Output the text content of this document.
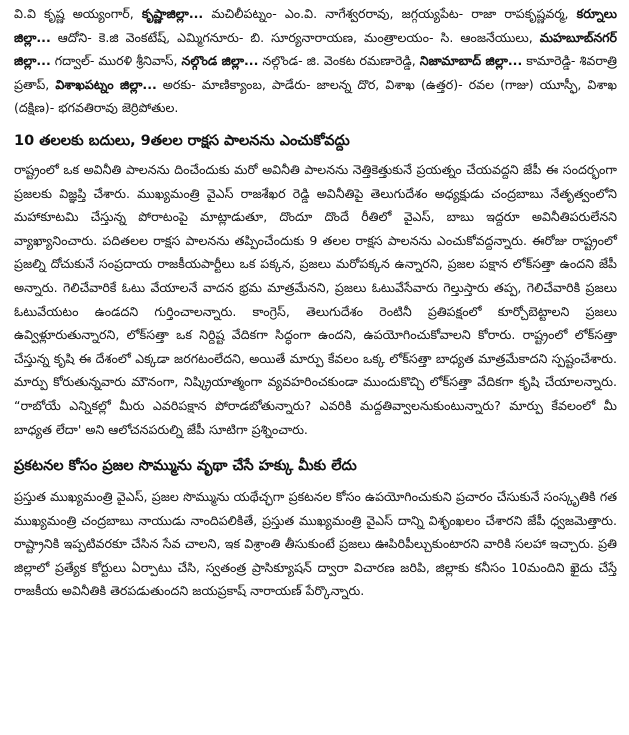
వి.వి కృష్ణ అయ్యంగార్, కృష్ణాజిల్లా... మచిలీపట్నం- ఎం.వి. నాగేశ్వరరావు, జగ్గయ్యపేట- రాజా రాపకృష్ణవర్మ, కర్నూలు జిల్లా... ఆదోని- కె.జి వెంకటేష్, ఎమ్మిగనూరు- బి. సూర్యనారాయణ, మంత్రాలయం- సి. ఆంజనేయులు, మహబూబ్‌నగర్ జిల్లా... గద్వాల్- మురళి శ్రీనివాస్, నల్గొండ జిల్లా... నల్గొండ- జి. వెంకట రమణారెడ్డి, నిజామాబాద్ జిల్లా... కామారెడ్డి- శివరాత్రి ప్రతాప్, విశాఖపట్నం జిల్లా... అరకు- మాణిక్యాంబ, పాడేరు- జాలన్న దొర, విశాఖ (ఉత్తర)- రవల (గాజు) యూస్ఫీ, విశాఖ (దక్షిణ)- భగవతిరావు జెర్రిపోతుల.

10 తలలకు బదులు, 9తలల రాక్షస పాలనను ఎంచుకోవద్దు

రాష్ట్రంలో ఒక అవినీతి పాలనను దించేందుకు మరో అవినీతి పాలనను నెత్తికెత్తుకునే ప్రయత్నం చేయవద్దని జేపీ ఈ సందర్భంగా ప్రజలకు విజ్ఞప్తి చేశారు. ముఖ్యమంత్రి వైఎస్ రాజశేఖర రెడ్డి అవినీతిపై తెలుగుదేశం అధ్యక్షుడు చంద్రబాబు నేతృత్వంలోని మహాకూటమి చేస్తున్న పోరాటంపై మాట్లాడుతూ, దొందూ దొందే రీతిలో వైఎస్, బాబు ఇద్దరూ అవినీతిపరులేనని వ్యాఖ్యానించారు. పదితలల రాక్షస పాలనను తప్పించేందుకు 9 తలల రాక్షస పాలనను ఎంచుకోవద్దన్నారు. ఈరోజు రాష్ట్రంలో ప్రజల్ని దోచుకునే సంప్రదాయ రాజకీయపార్టీలు ఒక పక్కన, ప్రజలు మరోపక్కన ఉన్నారని, ప్రజల పక్షాన లోక్‌సత్తా ఉందని జేపీ అన్నారు. గెలిచేవారికే ఓటు వేయాలనే వాదన భ్రమ మాత్రమేనని, ప్రజలు ఓటువేసేవారు గెల్తుస్తారు తప్ప, గెలిచేవారికి ప్రజలు ఓటువేయటం ఉండదని గుర్తించాలన్నారు. కాంగ్రెస్, తెలుగుదేశం రెంటినీ ప్రతిపక్షంలో కూర్చోబెట్టాలని ప్రజలు ఉవ్విళ్లూరుతున్నారని, లోక్‌సత్తా ఒక నిర్దిష్ట వేదికగా సిద్ధంగా ఉందని, ఉపయోగించుకోవాలని కోరారు. రాష్ట్రంలో లోక్‌సత్తా చేస్తున్న కృషి ఈ దేశంలో ఎక్కడా జరగటంలేదని, అయితే మార్పు కేవలం ఒక్క లోక్‌సత్తా బాధ్యత మాత్రమేకాదని స్పష్టంచేశారు. మార్పు కోరుతున్నవారు మౌనంగా, నిష్క్రియాత్మంగా వ్యవహరించకుండా ముందుకొచ్చి లోక్‌సత్తా వేదికగా కృషి చేయాలన్నారు. “రాబోయే ఎన్నికల్లో మీరు ఎవరిపక్షాన పోరాడబోతున్నారు? ఎవరికి మద్దతివ్వాలనుకుంటున్నారు? మార్పు కేవలంలో మీ బాధ్యత లేదా' అని ఆలోచనపరుల్ని జేపీ సూటిగా ప్రశ్నించారు.

ప్రకటనల కోసం ప్రజల సొమ్మును వృథా చేసే హక్కు మీకు లేదు

ప్రస్తుత ముఖ్యమంత్రి వైఎస్, ప్రజల సొమ్మును యథేచ్ఛగా ప్రకటనల కోసం ఉపయోగించుకుని ప్రచారం చేసుకునే సంస్కృతికి గత ముఖ్యమంత్రి చంద్రబాబు నాయుడు నాందిపలికితే, ప్రస్తుత ముఖ్యమంత్రి వైఎస్ దాన్ని విశృంఖలం చేశారని జేపీ ధ్వజమెత్తారు. రాష్ట్రానికి ఇప్పటివరకూ చేసిన సేవ చాలని, ఇక విశ్రాంతి తీసుకుంటే ప్రజలు ఊపిరిపీల్చుకుంటారని వారికి సలహా ఇచ్చారు. ప్రతి జిల్లాలో ప్రత్యేక కోర్టులు ఏర్పాటు చేసి, స్వతంత్ర ప్రాసిక్యూషన్ ద్వారా విచారణ జరిపి, జిల్లాకు కనీసం 10మందిని ఖైదు చేస్తే రాజకీయ అవినీతికి తెరపడుతుందని జయప్రకాష్ నారాయణ్ పేర్కొన్నారు.
